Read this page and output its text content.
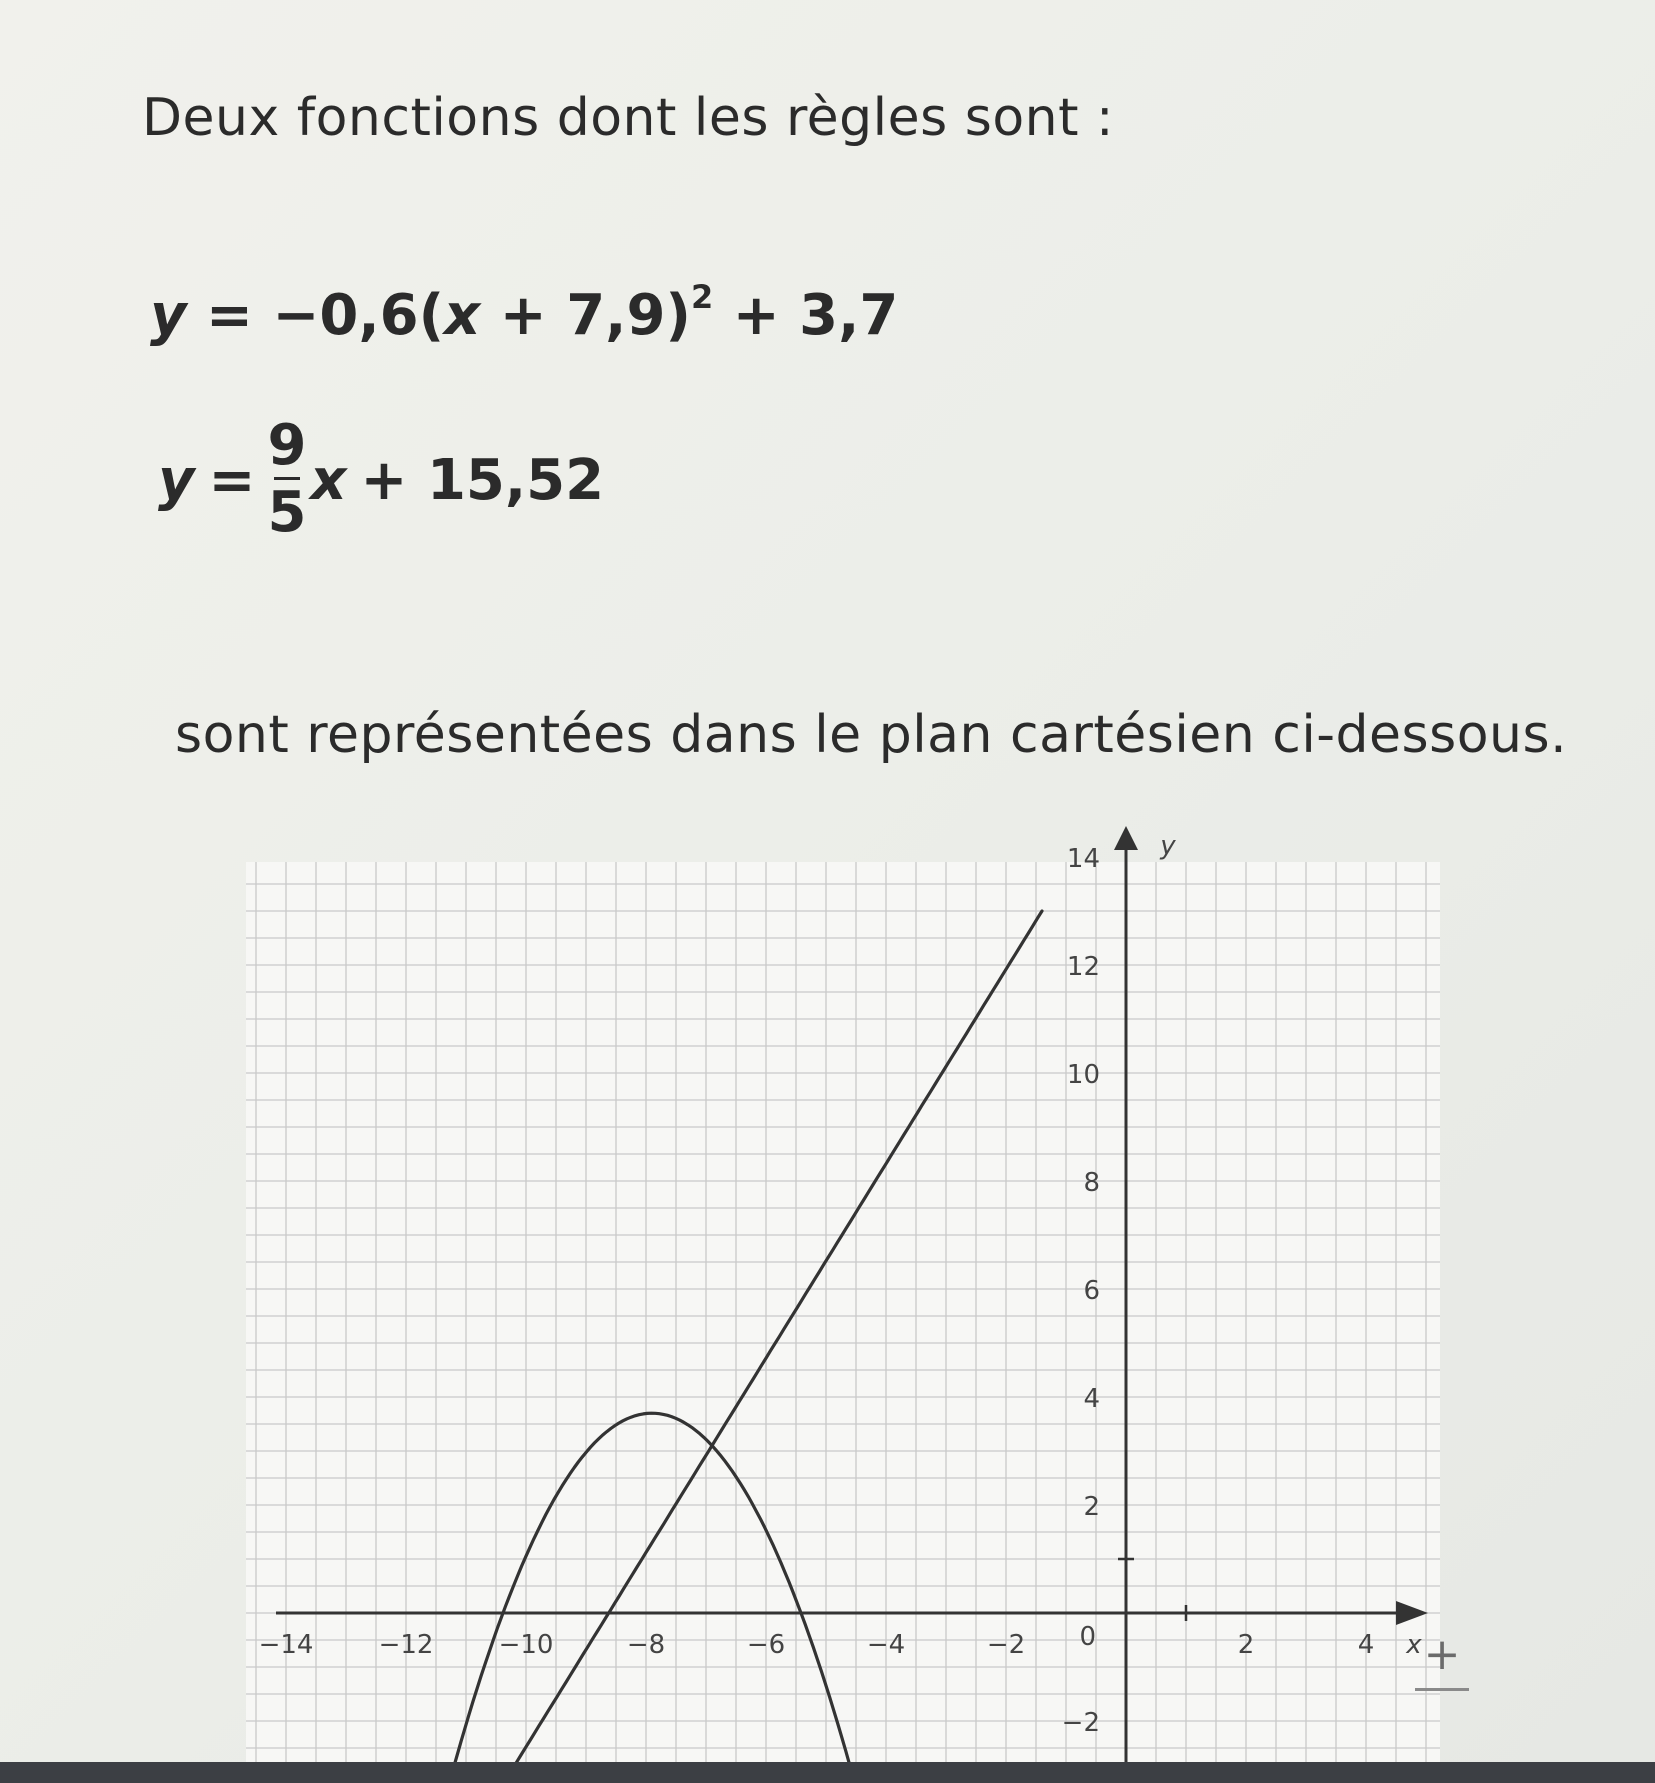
Deux fonctions dont les règles sont :
$y = -0,6(x + 7,9)^2 + 3,7$
$y = \frac{9}{5}$ x + 15,52

sont représentées dans le plan cartésien ci-dessous.

−14	−12	−10	−8	−6	−4	−2	2	4
14
12
10
8
6
4
2
−2
0	x
y
+
